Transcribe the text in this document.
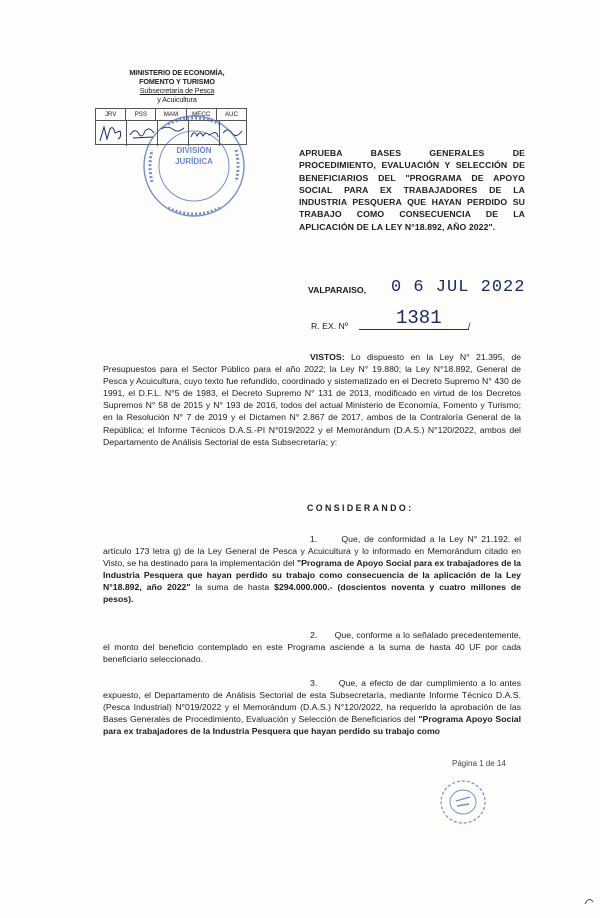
MINISTERIO DE ECONOMÍA,
FOMENTO Y TURISMO
Subsecretaría de Pesca
y Acuicultura
JRV	PSS	MAM	MECC	AUC
DIVISIÓN
JURÍDICA
APRUEBA BASES GENERALES DE PROCEDIMIENTO, EVALUACIÓN Y SELECCIÓN DE BENEFICIARIOS DEL "PROGRAMA DE APOYO SOCIAL PARA EX TRABAJADORES DE LA INDUSTRIA PESQUERA QUE HAYAN PERDIDO SU TRABAJO COMO CONSECUENCIA DE LA APLICACIÓN DE LA LEY N°18.892, AÑO 2022".
VALPARAISO, 0 6 JUL 2022
R. EX. Nº	1381	/
VISTOS: Lo dispuesto en la Ley N° 21.395, de Presupuestos para el Sector Público para el año 2022; la Ley N° 19.880; la Ley N°18.892, General de Pesca y Acuicultura, cuyo texto fue refundido, coordinado y sistematizado en el Decreto Supremo N° 430 de 1991, el D.F.L. N°5 de 1983, el Decreto Supremo N° 131 de 2013, modificado en virtud de los Decretos Supremos N° 58 de 2015 y N° 193 de 2016, todos del actual Ministerio de Economía, Fomento y Turismo; en la Resolución N° 7 de 2019 y el Dictamen N° 2.867 de 2017, ambos de la Contraloría General de la República; el Informe Técnicos D.A.S.-PI N°019/2022 y el Memorándum (D.A.S.) N°120/2022, ambos del Departamento de Análisis Sectorial de esta Subsecretaría; y:
CONSIDERANDO:
1.	Que, de conformidad a la Ley N° 21.192. el artículo 173 letra g) de la Ley General de Pesca y Acuicultura y lo informado en Memorándum citado en Visto, se ha destinado para la implementación del "Programa de Apoyo Social para ex trabajadores de la Industria Pesquera que hayan perdido su trabajo como consecuencia de la aplicación de la Ley N°18.892, año 2022" la suma de hasta $294.000.000.- (doscientos noventa y cuatro millones de pesos).
2. Que, conforme a lo señalado precedentemente, el monto del beneficio contemplado en este Programa asciende a la suma de hasta 40 UF por cada beneficiario seleccionado.
3. Que, a efecto de dar cumplimiento a lo antes expuesto, el Departamento de Análisis Sectorial de esta Subsecretaría, mediante Informe Técnico D.A.S. (Pesca Industrial) N°019/2022 y el Memorándum (D.A.S.) N°120/2022, ha requerido la aprobación de las Bases Generales de Procedimiento, Evaluación y Selección de Beneficiarios del "Programa Apoyo Social para ex trabajadores de la Industria Pesquera que hayan perdido su trabajo como
Página 1 de 14
